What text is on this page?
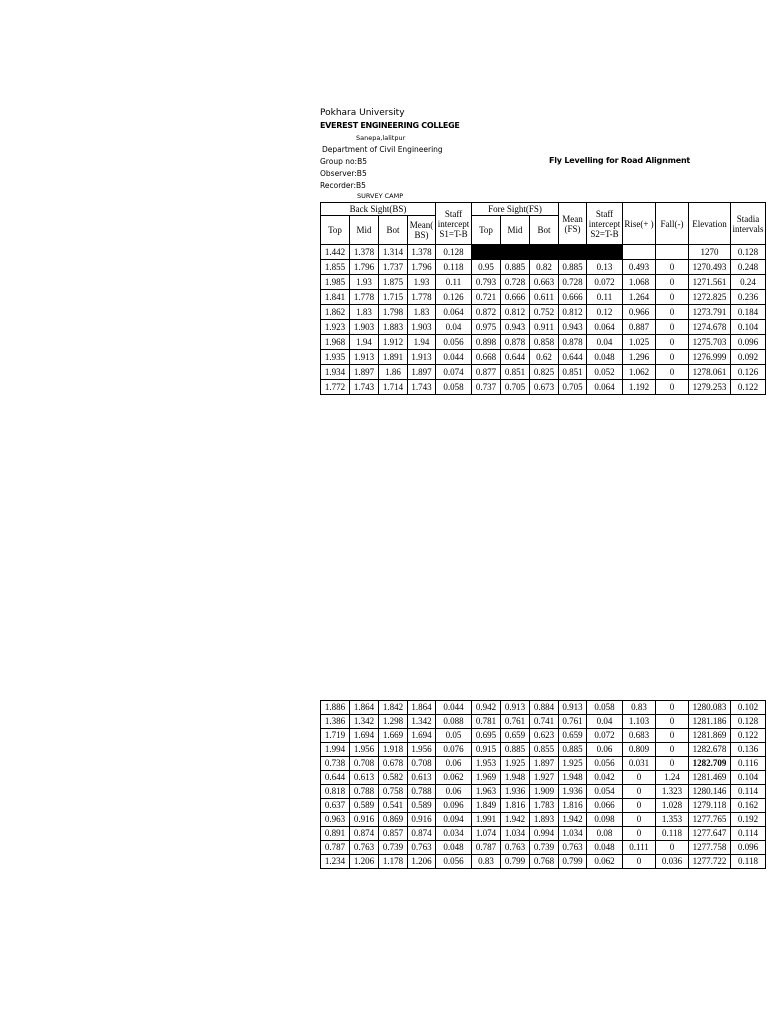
Pokhara University
EVEREST ENGINEERING COLLEGE
Sanepa,lalitpur
Department of Civil Engineering
Group no:B5
Observer:B5
Recorder:B5
SURVEY CAMP
Fly Levelling for Road Alignment
Back Sight(BS)				Staff intercept S1=T-B	Fore Sight(FS)			Mean (FS)	Staff intercept S2=T-B	Rise(+ )	Fall(-)	Elevation	Stadia intervals
Top	Mid	Bot	Mean( BS)		Top	Mid	Bot						
1.442	1.378	1.314	1.378	0.128								1270	0.128
1.855	1.796	1.737	1.796	0.118	0.95	0.885	0.82	0.885	0.13	0.493	0	1270.493	0.248
1.985	1.93	1.875	1.93	0.11	0.793	0.728	0.663	0.728	0.072	1.068	0	1271.561	0.24
1.841	1.778	1.715	1.778	0.126	0.721	0.666	0.611	0.666	0.11	1.264	0	1272.825	0.236
1.862	1.83	1.798	1.83	0.064	0.872	0.812	0.752	0.812	0.12	0.966	0	1273.791	0.184
1.923	1.903	1.883	1.903	0.04	0.975	0.943	0.911	0.943	0.064	0.887	0	1274.678	0.104
1.968	1.94	1.912	1.94	0.056	0.898	0.878	0.858	0.878	0.04	1.025	0	1275.703	0.096
1.935	1.913	1.891	1.913	0.044	0.668	0.644	0.62	0.644	0.048	1.296	0	1276.999	0.092
1.934	1.897	1.86	1.897	0.074	0.877	0.851	0.825	0.851	0.052	1.062	0	1278.061	0.126
1.772	1.743	1.714	1.743	0.058	0.737	0.705	0.673	0.705	0.064	1.192	0	1279.253	0.122
1.886	1.864	1.842	1.864	0.044	0.942	0.913	0.884	0.913	0.058	0.83	0	1280.083	0.102
1.386	1.342	1.298	1.342	0.088	0.781	0.761	0.741	0.761	0.04	1.103	0	1281.186	0.128
1.719	1.694	1.669	1.694	0.05	0.695	0.659	0.623	0.659	0.072	0.683	0	1281.869	0.122
1.994	1.956	1.918	1.956	0.076	0.915	0.885	0.855	0.885	0.06	0.809	0	1282.678	0.136
0.738	0.708	0.678	0.708	0.06	1.953	1.925	1.897	1.925	0.056	0.031	0	1282.709	0.116
0.644	0.613	0.582	0.613	0.062	1.969	1.948	1.927	1.948	0.042	0	1.24	1281.469	0.104
0.818	0.788	0.758	0.788	0.06	1.963	1.936	1.909	1.936	0.054	0	1.323	1280.146	0.114
0.637	0.589	0.541	0.589	0.096	1.849	1.816	1.783	1.816	0.066	0	1.028	1279.118	0.162
0.963	0.916	0.869	0.916	0.094	1.991	1.942	1.893	1.942	0.098	0	1.353	1277.765	0.192
0.891	0.874	0.857	0.874	0.034	1.074	1.034	0.994	1.034	0.08	0	0.118	1277.647	0.114
0.787	0.763	0.739	0.763	0.048	0.787	0.763	0.739	0.763	0.048	0.111	0	1277.758	0.096
1.234	1.206	1.178	1.206	0.056	0.83	0.799	0.768	0.799	0.062	0	0.036	1277.722	0.118
